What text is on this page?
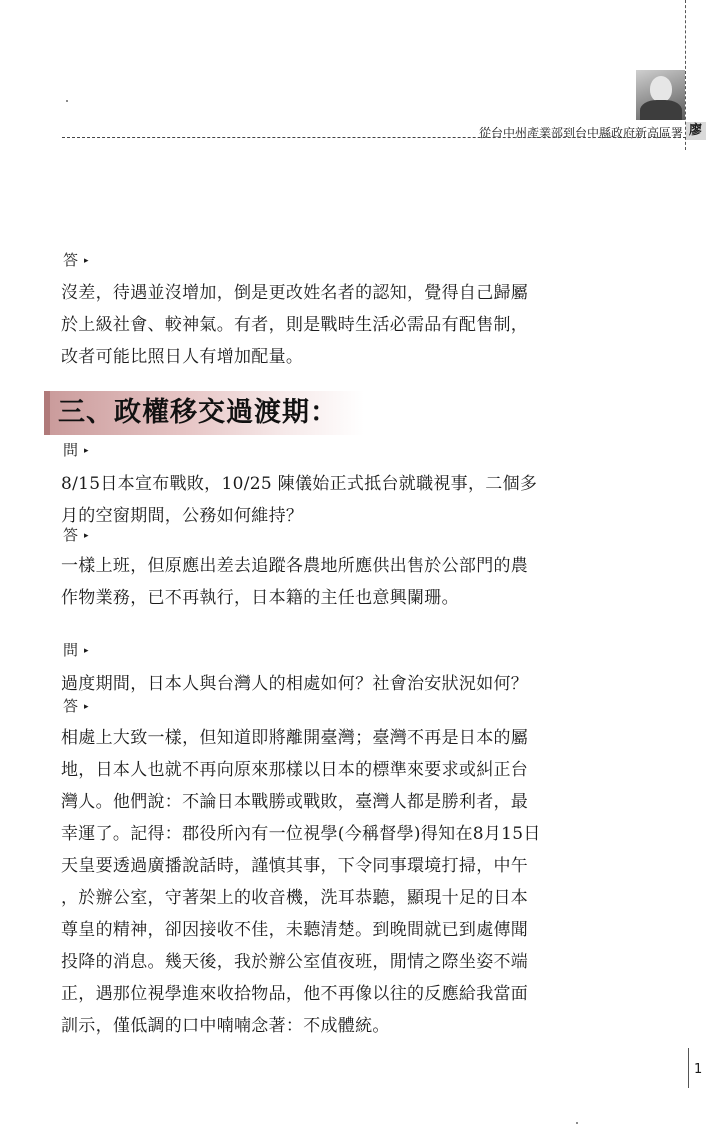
從台中州產業部到台中縣政府新高區署 廖
答 ▸
沒差，待遇並沒增加，倒是更改姓名者的認知，覺得自己歸屬
於上級社會、較神氣。有者，則是戰時生活必需品有配售制，
改者可能比照日人有增加配量。
三、政權移交過渡期：
問 ▸
8/15日本宣布戰敗，10/25 陳儀始正式抵台就職視事，二個多
月的空窗期間，公務如何維持？
答 ▸
一樣上班，但原應出差去追蹤各農地所應供出售於公部門的農
作物業務，已不再執行，日本籍的主任也意興闌珊。
問 ▸
過度期間，日本人與台灣人的相處如何？社會治安狀況如何？
答 ▸
相處上大致一樣，但知道即將離開臺灣；臺灣不再是日本的屬
地，日本人也就不再向原來那樣以日本的標準來要求或糾正台
灣人。他們說：不論日本戰勝或戰敗，臺灣人都是勝利者，最
幸運了。記得：郡役所內有一位視學(今稱督學)得知在8月15日
天皇要透過廣播說話時，謹慎其事，下令同事環境打掃，中午
，於辦公室，守著架上的收音機，洗耳恭聽，顯現十足的日本
尊皇的精神，卻因接收不佳，未聽清楚。到晚間就已到處傳聞
投降的消息。幾天後，我於辦公室值夜班，閒情之際坐姿不端
正，遇那位視學進來收拾物品，他不再像以往的反應給我當面
訓示，僅低調的口中喃喃念著：不成體統。
1
